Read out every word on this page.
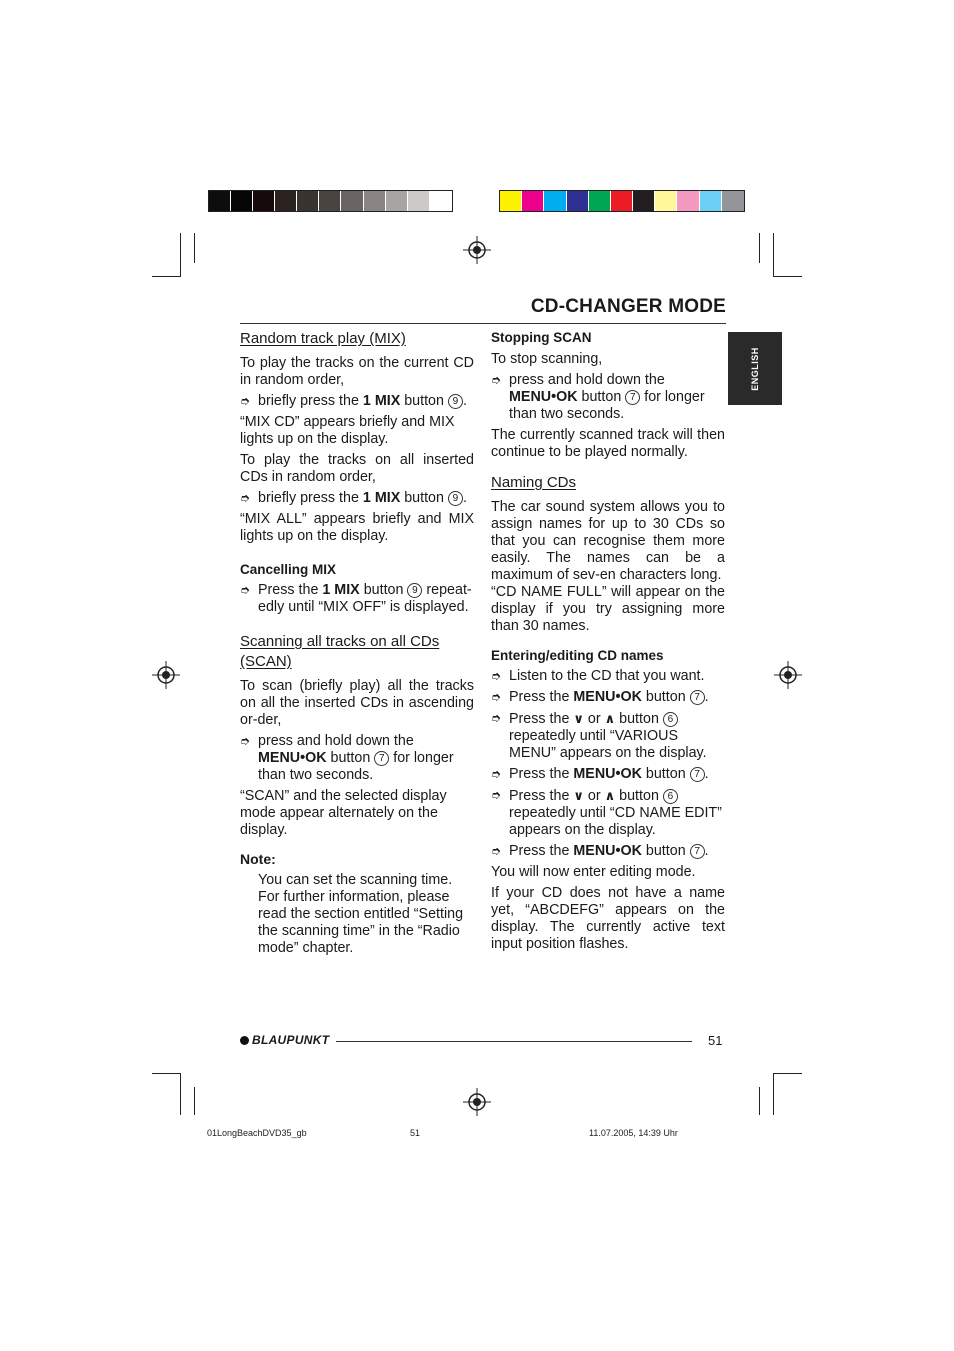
CD-CHANGER MODE
ENGLISH
Random track play (MIX)

To play the tracks on the current CD in random order,

➮ briefly press the 1 MIX button 9 .

“MIX CD” appears briefly and MIX lights up on the display.

To play the tracks on all inserted CDs in random order,

➮ briefly press the 1 MIX button 9 .

“MIX ALL” appears briefly and MIX lights up on the display.

Cancelling MIX
➮ Press the 1 MIX button 9 repeat-edly until “MIX OFF” is displayed.
Scanning all tracks on all CDs (SCAN)

To scan (briefly play) all the tracks on all the inserted CDs in ascending or-der,

➮ press and hold down the MENU•OK button 7 for longer than two seconds.

“SCAN” and the selected display mode appear alternately on the display.

Note:

You can set the scanning time. For further information, please read the section entitled “Setting the scanning time” in the “Radio mode” chapter.

Stopping SCAN

To stop scanning,

➮ press and hold down the MENU•OK button 7 for longer than two seconds.

The currently scanned track will then continue to be played normally.

Naming CDs

The car sound system allows you to assign names for up to 30 CDs so that you can recognise them more easily. The names can be a maximum of sev-en characters long.

“CD NAME FULL” will appear on the display if you try assigning more than 30 names.

Entering/editing CD names
➮ Listen to the CD that you want.
➮ Press the MENU•OK button 7 .
➮ Press the ∨ or ∧ button 6 repeatedly until “VARIOUS MENU” appears on the display.
➮ Press the MENU•OK button 7 .
➮ Press the ∨ or ∧ button 6 repeatedly until “CD NAME EDIT” appears on the display.
➮ Press the MENU•OK button 7 .

You will now enter editing mode.

If your CD does not have a name yet, “ABCDEFG” appears on the display. The currently active text input position flashes.

BLAUPUNKT	51
01LongBeachDVD35_gb	51	11.07.2005, 14:39 Uhr
